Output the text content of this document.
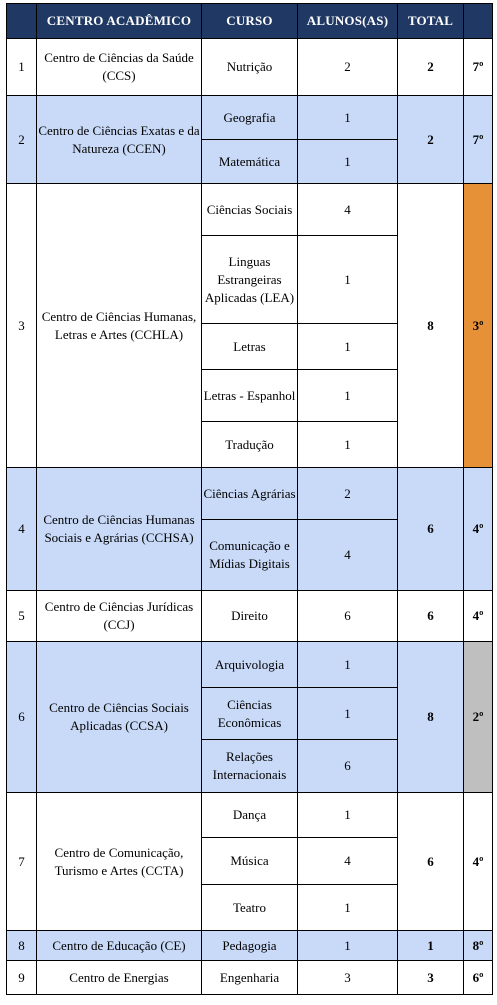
	CENTRO ACADÊMICO	CURSO	ALUNOS(AS)	TOTAL	
1	Centro de Ciências da Saúde (CCS)	Nutrição	2	2	7º
2	Centro de Ciências Exatas e da Natureza (CCEN)	Geografia	1	2	7º
		Matemática	1		
3	Centro de Ciências Humanas, Letras e Artes (CCHLA)	Ciências Sociais	4	8	3º
		Linguas Estrangeiras Aplicadas (LEA)	1		
		Letras	1		
		Letras - Espanhol	1		
		Tradução	1		
4	Centro de Ciências Humanas Sociais e Agrárias (CCHSA)	Ciências Agrárias	2	6	4º
		Comunicação e Mídias Digitais	4		
5	Centro de Ciências Jurídicas (CCJ)	Direito	6	6	4º
6	Centro de Ciências Sociais Aplicadas (CCSA)	Arquivologia	1	8	2º
		Ciências Econômicas	1		
		Relações Internacionais	6		
7	Centro de Comunicação, Turismo e Artes (CCTA)	Dança	1	6	4º
		Música	4		
		Teatro	1		
8	Centro de Educação (CE)	Pedagogia	1	1	8º
9	Centro de Energias	Engenharia	3	3	6º
